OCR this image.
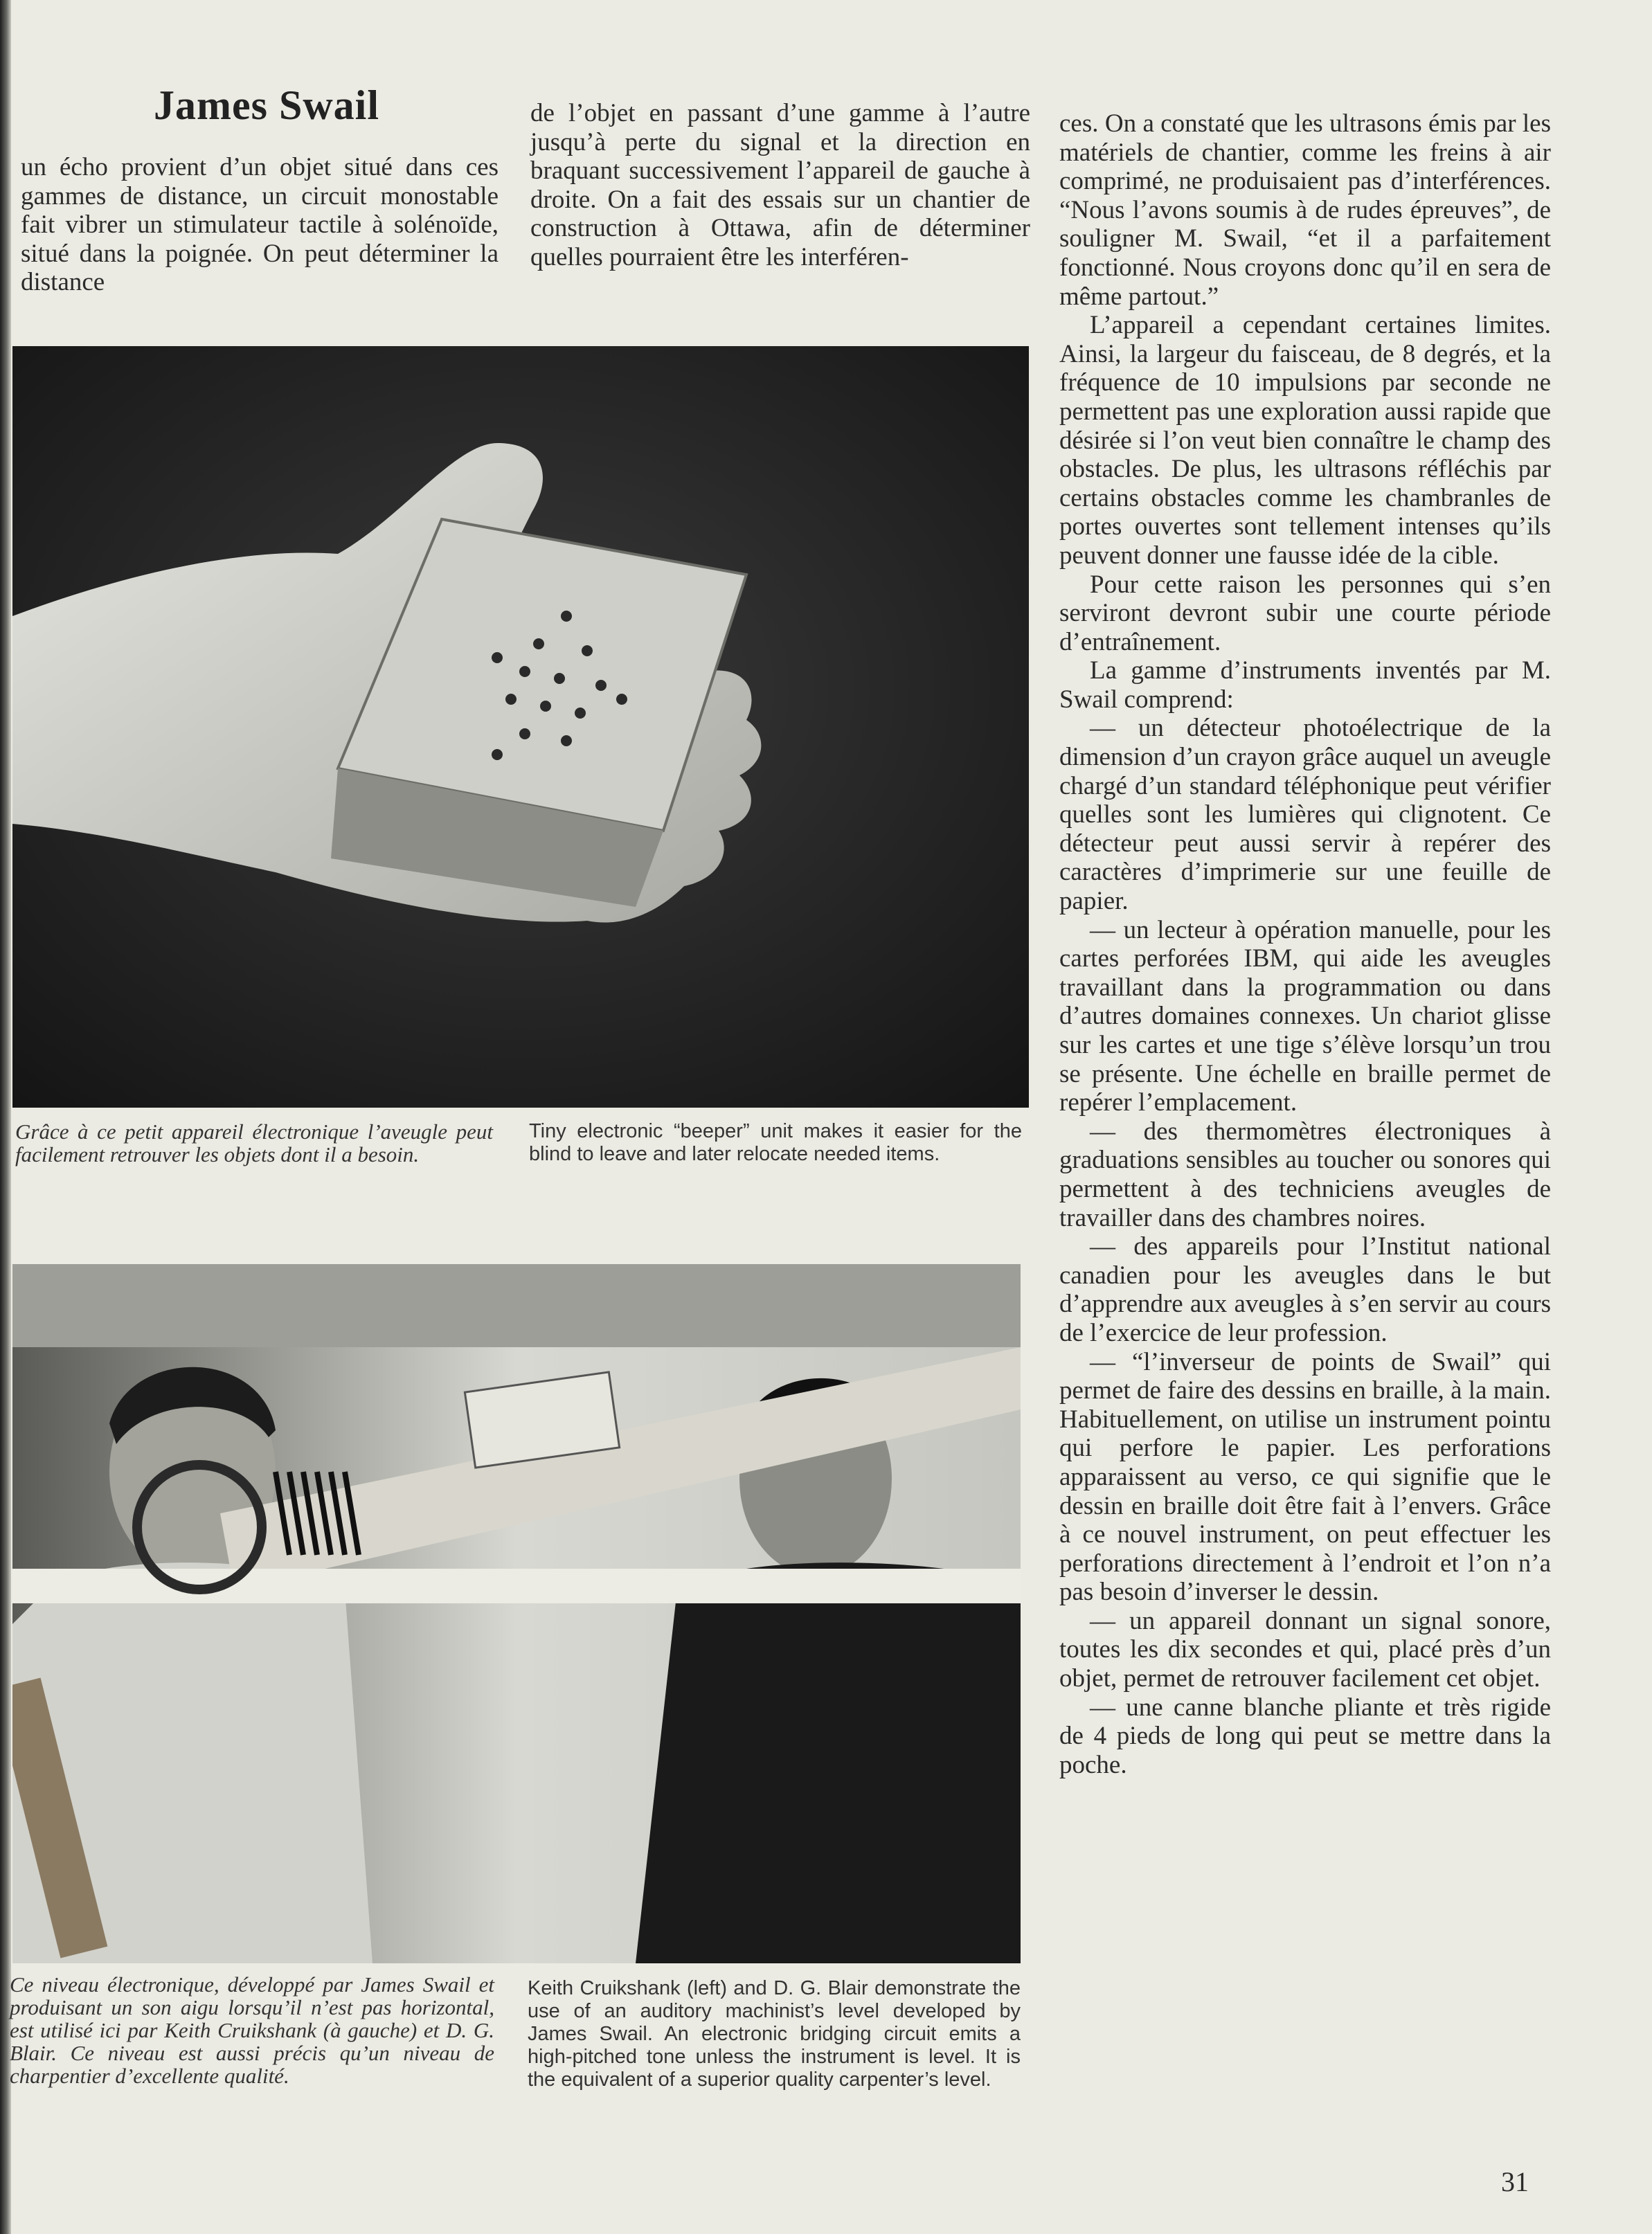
James Swail

un écho provient d’un objet situé dans ces gammes de distance, un circuit monostable fait vibrer un stimulateur tactile à solénoïde, situé dans la poignée. On peut déterminer la distance

de l’objet en passant d’une gamme à l’autre jusqu’à perte du signal et la direction en braquant successivement l’appareil de gauche à droite. On a fait des essais sur un chantier de construction à Ottawa, afin de déterminer quelles pourraient être les interféren-

ces. On a constaté que les ultrasons émis par les matériels de chantier, comme les freins à air comprimé, ne produisaient pas d’interférences. “Nous l’avons soumis à de rudes épreuves”, de souligner M. Swail, “et il a parfaitement fonctionné. Nous croyons donc qu’il en sera de même partout.”

L’appareil a cependant certaines limites. Ainsi, la largeur du faisceau, de 8 degrés, et la fréquence de 10 impulsions par seconde ne permettent pas une exploration aussi rapide que désirée si l’on veut bien connaître le champ des obstacles. De plus, les ultrasons réfléchis par certains obstacles comme les chambranles de portes ouvertes sont tellement intenses qu’ils peuvent donner une fausse idée de la cible.

Pour cette raison les personnes qui s’en serviront devront subir une courte période d’entraînement.

La gamme d’instruments inventés par M. Swail comprend:

— un détecteur photoélectrique de la dimension d’un crayon grâce auquel un aveugle chargé d’un standard téléphonique peut vérifier quelles sont les lumières qui clignotent. Ce détecteur peut aussi servir à repérer des caractères d’imprimerie sur une feuille de papier.

— un lecteur à opération manuelle, pour les cartes perforées IBM, qui aide les aveugles travaillant dans la programmation ou dans d’autres domaines connexes. Un chariot glisse sur les cartes et une tige s’élève lorsqu’un trou se présente. Une échelle en braille permet de repérer l’emplacement.

— des thermomètres électroniques à graduations sensibles au toucher ou sonores qui permettent à des techniciens aveugles de travailler dans des chambres noires.

— des appareils pour l’Institut national canadien pour les aveugles dans le but d’apprendre aux aveugles à s’en servir au cours de l’exercice de leur profession.

— “l’inverseur de points de Swail” qui permet de faire des dessins en braille, à la main. Habituellement, on utilise un instrument pointu qui perfore le papier. Les perforations apparaissent au verso, ce qui signifie que le dessin en braille doit être fait à l’envers. Grâce à ce nouvel instrument, on peut effectuer les perforations directement à l’endroit et l’on n’a pas besoin d’inverser le dessin.

— un appareil donnant un signal sonore, toutes les dix secondes et qui, placé près d’un objet, permet de retrouver facilement cet objet.

— une canne blanche pliante et très rigide de 4 pieds de long qui peut se mettre dans la poche.

Grâce à ce petit appareil électronique l’aveugle peut facilement retrouver les objets dont il a besoin.

Tiny electronic “beeper” unit makes it easier for the blind to leave and later relocate needed items.

Ce niveau électronique, développé par James Swail et produisant un son aigu lorsqu’il n’est pas horizontal, est utilisé ici par Keith Cruikshank (à gauche) et D. G. Blair. Ce niveau est aussi précis qu’un niveau de charpentier d’excellente qualité.

Keith Cruikshank (left) and D. G. Blair demonstrate the use of an auditory machinist’s level developed by James Swail. An electronic bridging circuit emits a high-pitched tone unless the instrument is level. It is the equivalent of a superior quality carpenter’s level.

31
